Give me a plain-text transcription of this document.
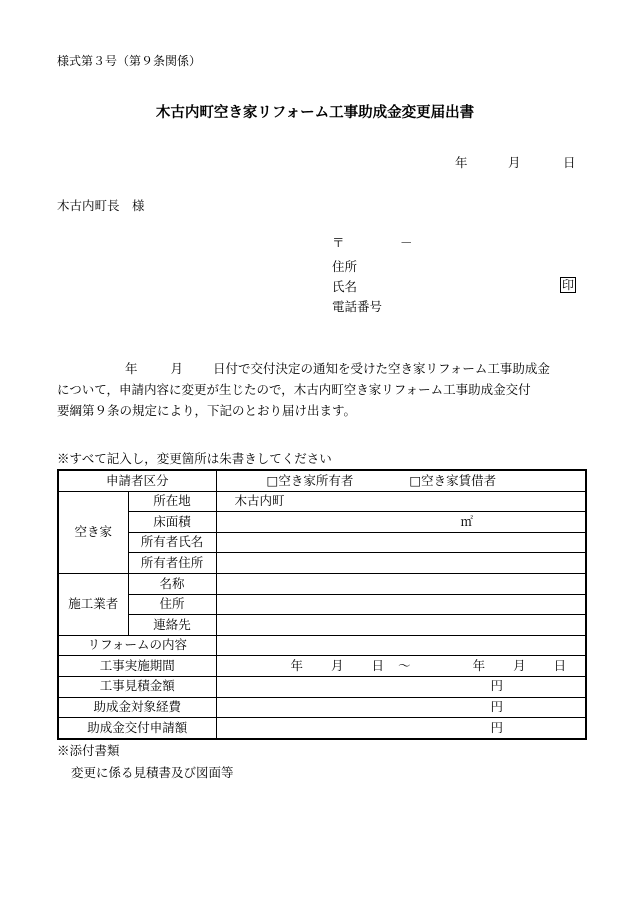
様式第３号（第９条関係）
木古内町空き家リフォーム工事助成金変更届出書
年	月	日
木古内町長　様
〒	－
住所
氏名	印
電話番号
年	月 日付で交付決定の通知を受けた空き家リフォーム工事助成金
について，申請内容に変更が生じたので，木古内町空き家リフォーム工事助成金交付
要綱第９条の規定により，下記のとおり届け出ます。
※すべて記入し，変更箇所は朱書きしてください
申請者区分		□空き家所有者 □空き家賃借者
空き家	所在地	木古内町
	床面積	㎡
	所有者氏名	
	所有者住所	
施工業者	名称	
	住所	
	連絡先	
リフォームの内容		
工事実施期間		年 月 日 ～ 年 月 日
工事見積金額		円
助成金対象経費		円
助成金交付申請額		円
※添付書類
変更に係る見積書及び図面等
